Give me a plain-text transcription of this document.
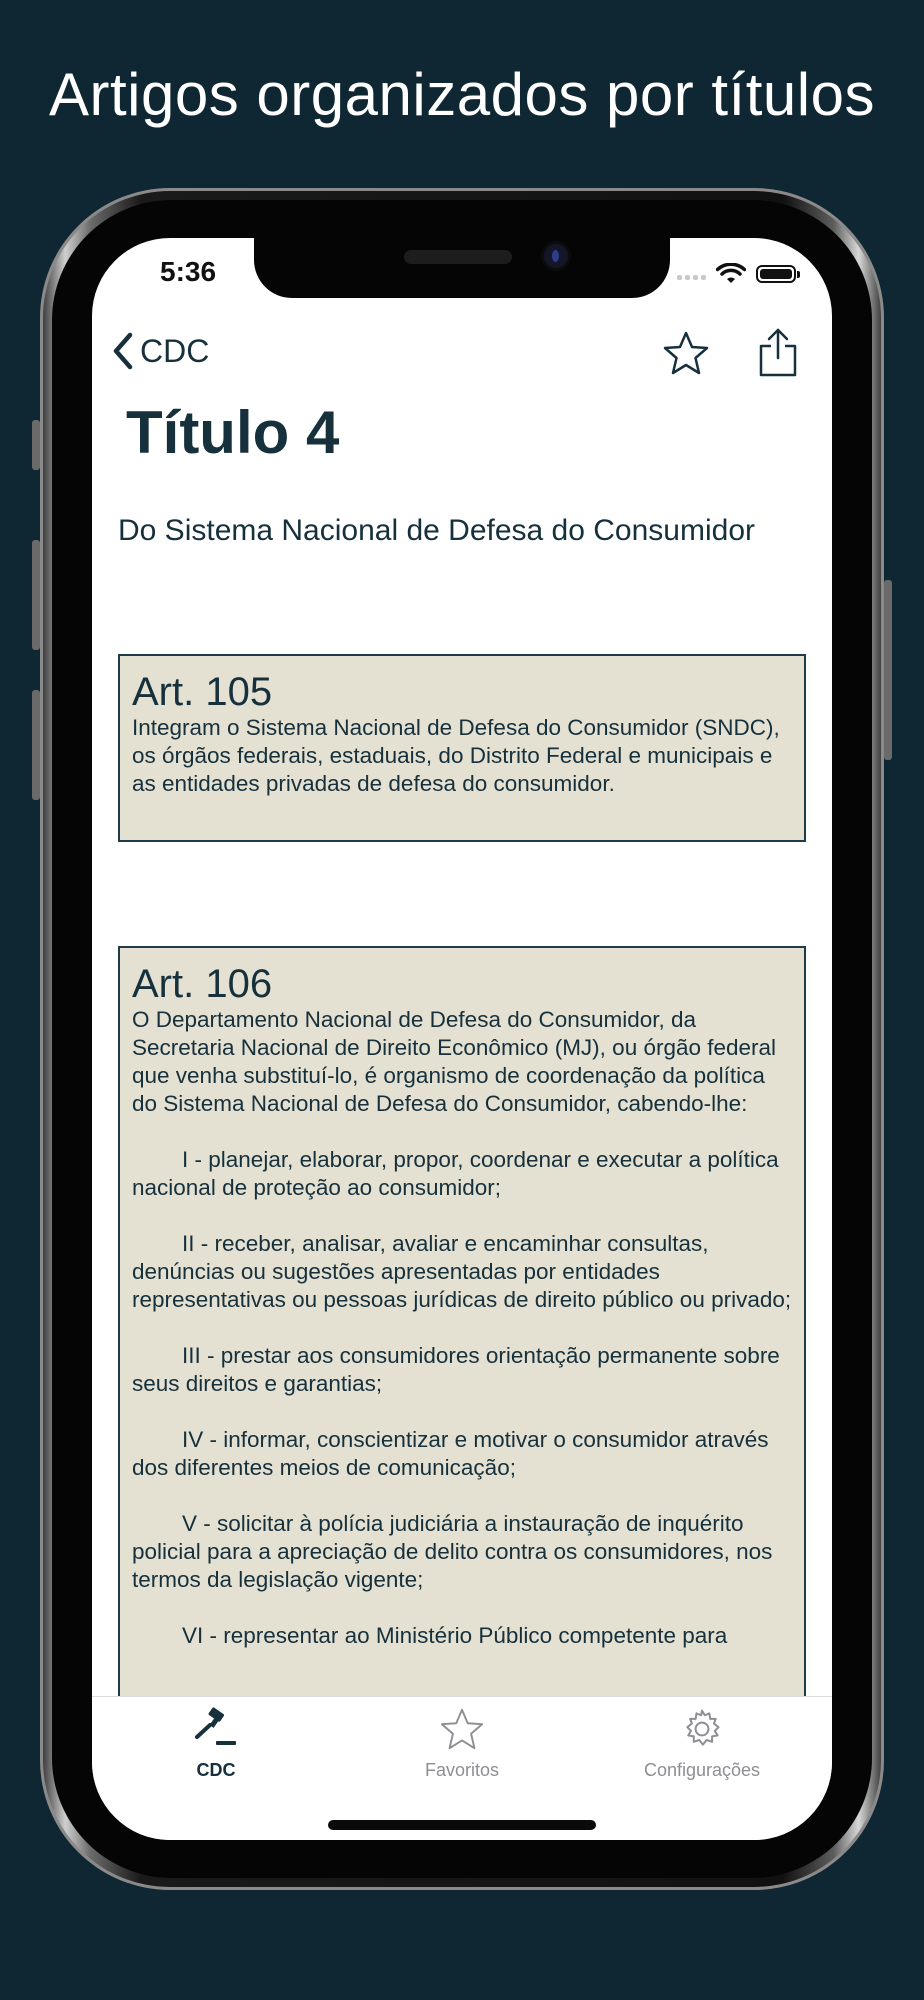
Artigos organizados por títulos
5:36
CDC
Título 4
Do Sistema Nacional de Defesa do Consumidor
Art. 105
Integram o Sistema Nacional de Defesa do Consumidor (SNDC), os órgãos federais, estaduais, do Distrito Federal e municipais e as entidades privadas de defesa do consumidor.
Art. 106
O Departamento Nacional de Defesa do Consumidor, da Secretaria Nacional de Direito Econômico (MJ), ou órgão federal que venha substituí-lo, é organismo de coordenação da política do Sistema Nacional de Defesa do Consumidor, cabendo-lhe:

I - planejar, elaborar, propor, coordenar e executar a política nacional de proteção ao consumidor;

II - receber, analisar, avaliar e encaminhar consultas, denúncias ou sugestões apresentadas por entidades representativas ou pessoas jurídicas de direito público ou privado;

III - prestar aos consumidores orientação permanente sobre seus direitos e garantias;

IV - informar, conscientizar e motivar o consumidor através dos diferentes meios de comunicação;

V - solicitar à polícia judiciária a instauração de inquérito policial para a apreciação de delito contra os consumidores, nos termos da legislação vigente;

VI - representar ao Ministério Público competente para
CDC	Favoritos	Configurações
